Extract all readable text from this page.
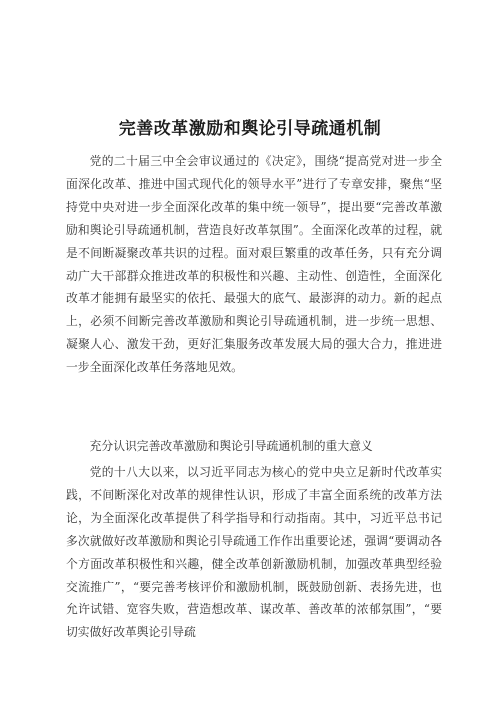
完善改革激励和舆论引导疏通机制

党的二十届三中全会审议通过的《决定》，围绕“提高党对进一步全面深化改革、推进中国式现代化的领导水平”进行了专章安排，聚焦“坚持党中央对进一步全面深化改革的集中统一领导”，提出要“完善改革激励和舆论引导疏通机制，营造良好改革氛围”。全面深化改革的过程，就是不间断凝聚改革共识的过程。面对艰巨繁重的改革任务，只有充分调动广大干部群众推进改革的积极性和兴趣、主动性、创造性，全面深化改革才能拥有最坚实的依托、最强大的底气、最澎湃的动力。新的起点上，必须不间断完善改革激励和舆论引导疏通机制，进一步统一思想、凝聚人心、激发干劲，更好汇集服务改革发展大局的强大合力，推进进一步全面深化改革任务落地见效。

充分认识完善改革激励和舆论引导疏通机制的重大意义

党的十八大以来，以习近平同志为核心的党中央立足新时代改革实践，不间断深化对改革的规律性认识，形成了丰富全面系统的改革方法论，为全面深化改革提供了科学指导和行动指南。其中，习近平总书记多次就做好改革激励和舆论引导疏通工作作出重要论述，强调“要调动各个方面改革积极性和兴趣，健全改革创新激励机制，加强改革典型经验交流推广”，“要完善考核评价和激励机制，既鼓励创新、表扬先进，也允许试错、宽容失败，营造想改革、谋改革、善改革的浓郁氛围”，“要切实做好改革舆论引导疏
